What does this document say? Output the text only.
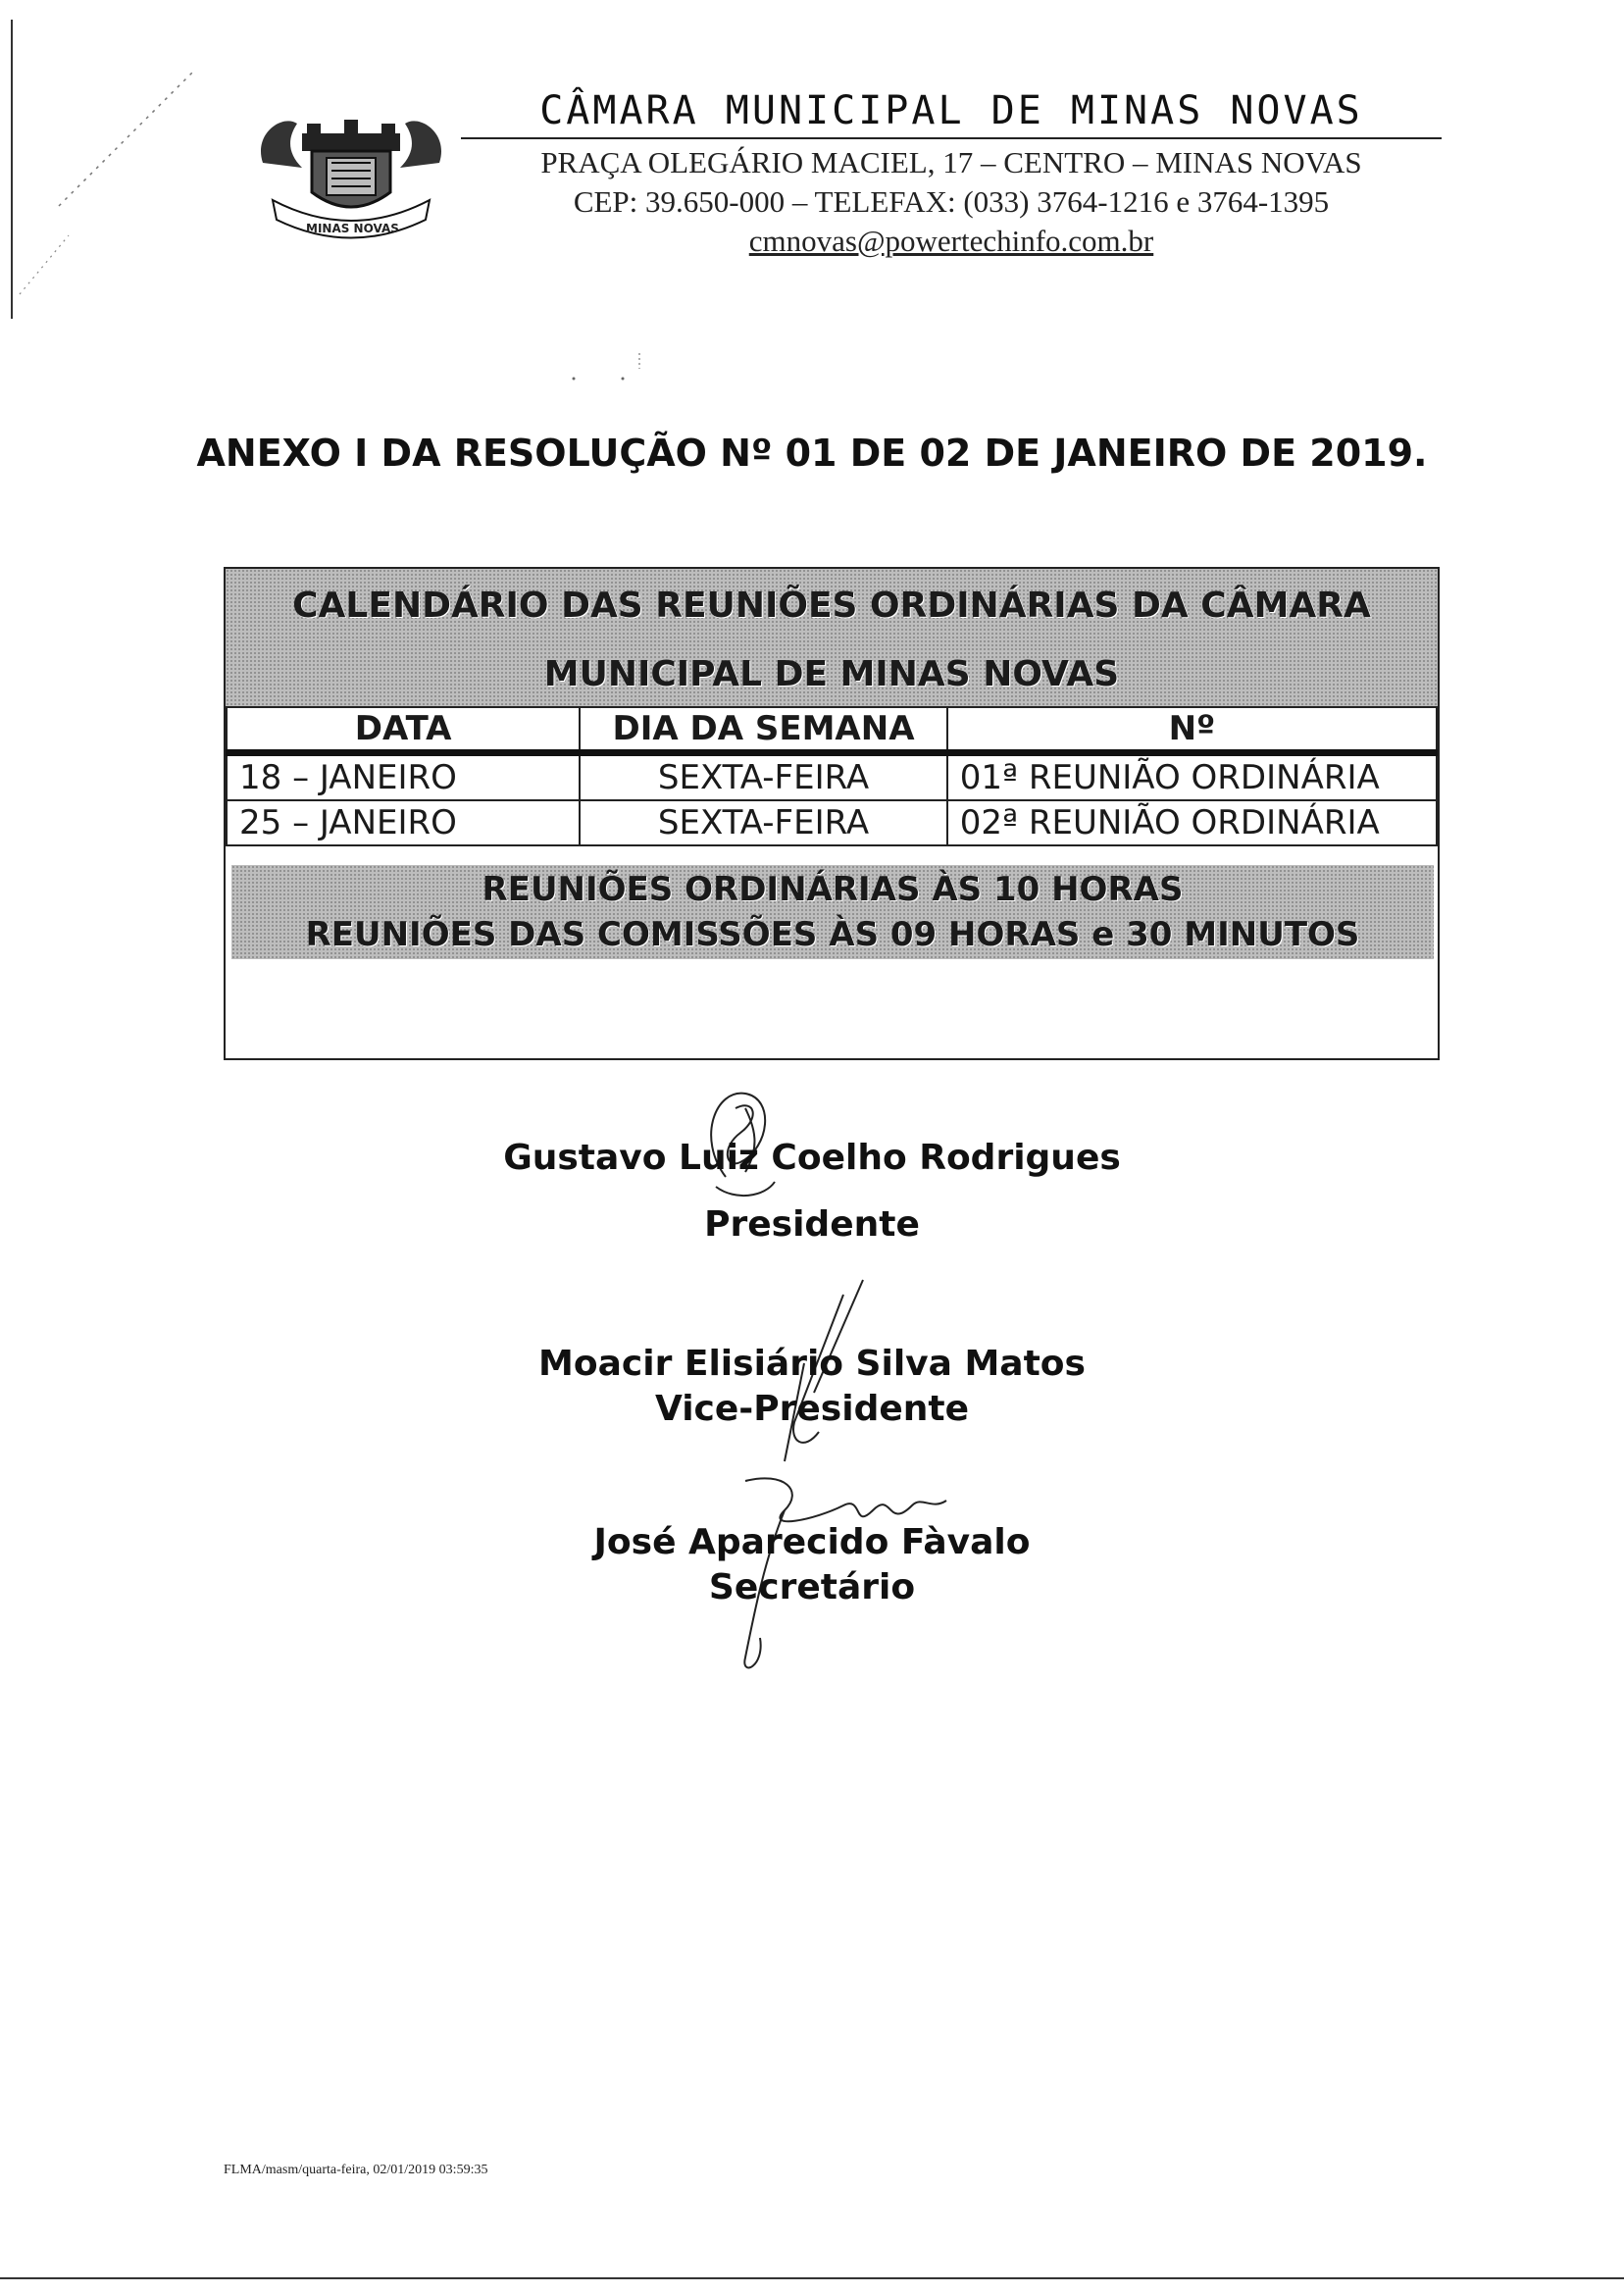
MINAS NOVAS
CÂMARA MUNICIPAL DE MINAS NOVAS
PRAÇA OLEGÁRIO MACIEL, 17 – CENTRO – MINAS NOVAS
CEP: 39.650-000 – TELEFAX: (033) 3764-1216 e 3764-1395
cmnovas@powertechinfo.com.br
ANEXO I DA RESOLUÇÃO Nº 01 DE 02 DE JANEIRO DE 2019.
CALENDÁRIO DAS REUNIÕES ORDINÁRIAS DA CÂMARA
MUNICIPAL DE MINAS NOVAS
DATA	DIA DA SEMANA	Nº
18 – JANEIRO	SEXTA-FEIRA	01ª REUNIÃO ORDINÁRIA
25 – JANEIRO	SEXTA-FEIRA	02ª REUNIÃO ORDINÁRIA
REUNIÕES ORDINÁRIAS ÀS 10 HORAS
REUNIÕES DAS COMISSÕES ÀS 09 HORAS e 30 MINUTOS
Gustavo Luiz Coelho Rodrigues
Presidente
Moacir Elisiário Silva Matos
Vice-Presidente
José Aparecido Fàvalo
Secretário
FLMA/masm/quarta-feira, 02/01/2019 03:59:35
